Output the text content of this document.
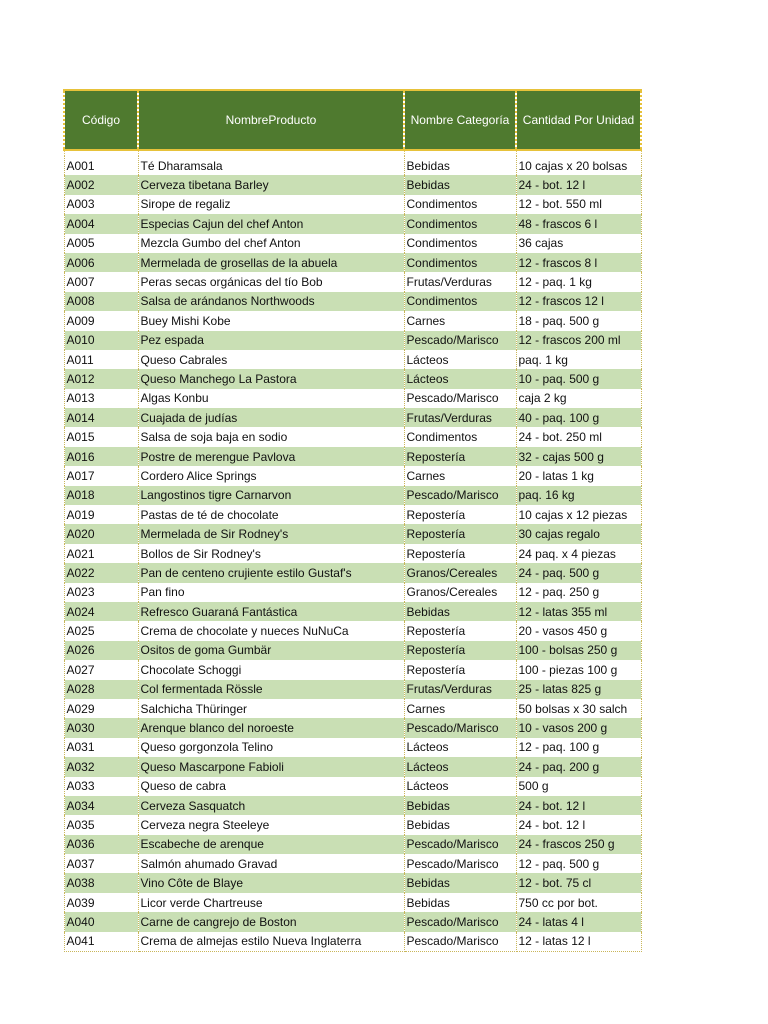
Código	NombreProducto	Nombre Categoría	Cantidad Por Unidad

A001	Té Dharamsala	Bebidas	10 cajas x 20 bolsas
A002	Cerveza tibetana Barley	Bebidas	24 - bot. 12 l
A003	Sirope de regaliz	Condimentos	12 - bot. 550 ml
A004	Especias Cajun del chef Anton	Condimentos	48 - frascos 6 l
A005	Mezcla Gumbo del chef Anton	Condimentos	36 cajas
A006	Mermelada de grosellas de la abuela	Condimentos	12 - frascos 8 l
A007	Peras secas orgánicas del tío Bob	Frutas/Verduras	12 - paq. 1 kg
A008	Salsa de arándanos Northwoods	Condimentos	12 - frascos 12 l
A009	Buey Mishi Kobe	Carnes	18 - paq. 500 g
A010	Pez espada	Pescado/Marisco	12 - frascos 200 ml
A011	Queso Cabrales	Lácteos	paq. 1 kg
A012	Queso Manchego La Pastora	Lácteos	10 - paq. 500 g
A013	Algas Konbu	Pescado/Marisco	caja 2 kg
A014	Cuajada de judías	Frutas/Verduras	40 - paq. 100 g
A015	Salsa de soja baja en sodio	Condimentos	24 - bot. 250 ml
A016	Postre de merengue Pavlova	Repostería	32 - cajas 500 g
A017	Cordero Alice Springs	Carnes	20 - latas 1 kg
A018	Langostinos tigre Carnarvon	Pescado/Marisco	paq. 16 kg
A019	Pastas de té de chocolate	Repostería	10 cajas x 12 piezas
A020	Mermelada de Sir Rodney's	Repostería	30 cajas regalo
A021	Bollos de Sir Rodney's	Repostería	24 paq. x 4 piezas
A022	Pan de centeno crujiente estilo Gustaf's	Granos/Cereales	24 - paq. 500 g
A023	Pan fino	Granos/Cereales	12 - paq. 250 g
A024	Refresco Guaraná Fantástica	Bebidas	12 - latas 355 ml
A025	Crema de chocolate y nueces NuNuCa	Repostería	20 - vasos 450 g
A026	Ositos de goma Gumbär	Repostería	100 - bolsas 250 g
A027	Chocolate Schoggi	Repostería	100 - piezas 100 g
A028	Col fermentada Rössle	Frutas/Verduras	25 - latas 825 g
A029	Salchicha Thüringer	Carnes	50 bolsas x 30 salch
A030	Arenque blanco del noroeste	Pescado/Marisco	10 - vasos 200 g
A031	Queso gorgonzola Telino	Lácteos	12 - paq. 100 g
A032	Queso Mascarpone Fabioli	Lácteos	24 - paq. 200 g
A033	Queso de cabra	Lácteos	500 g
A034	Cerveza Sasquatch	Bebidas	24 - bot. 12 l
A035	Cerveza negra Steeleye	Bebidas	24 - bot. 12 l
A036	Escabeche de arenque	Pescado/Marisco	24 - frascos 250 g
A037	Salmón ahumado Gravad	Pescado/Marisco	12 - paq. 500 g
A038	Vino Côte de Blaye	Bebidas	12 - bot. 75 cl
A039	Licor verde Chartreuse	Bebidas	750 cc por bot.
A040	Carne de cangrejo de Boston	Pescado/Marisco	24 - latas 4 l
A041	Crema de almejas estilo Nueva Inglaterra	Pescado/Marisco	12 - latas 12 l
